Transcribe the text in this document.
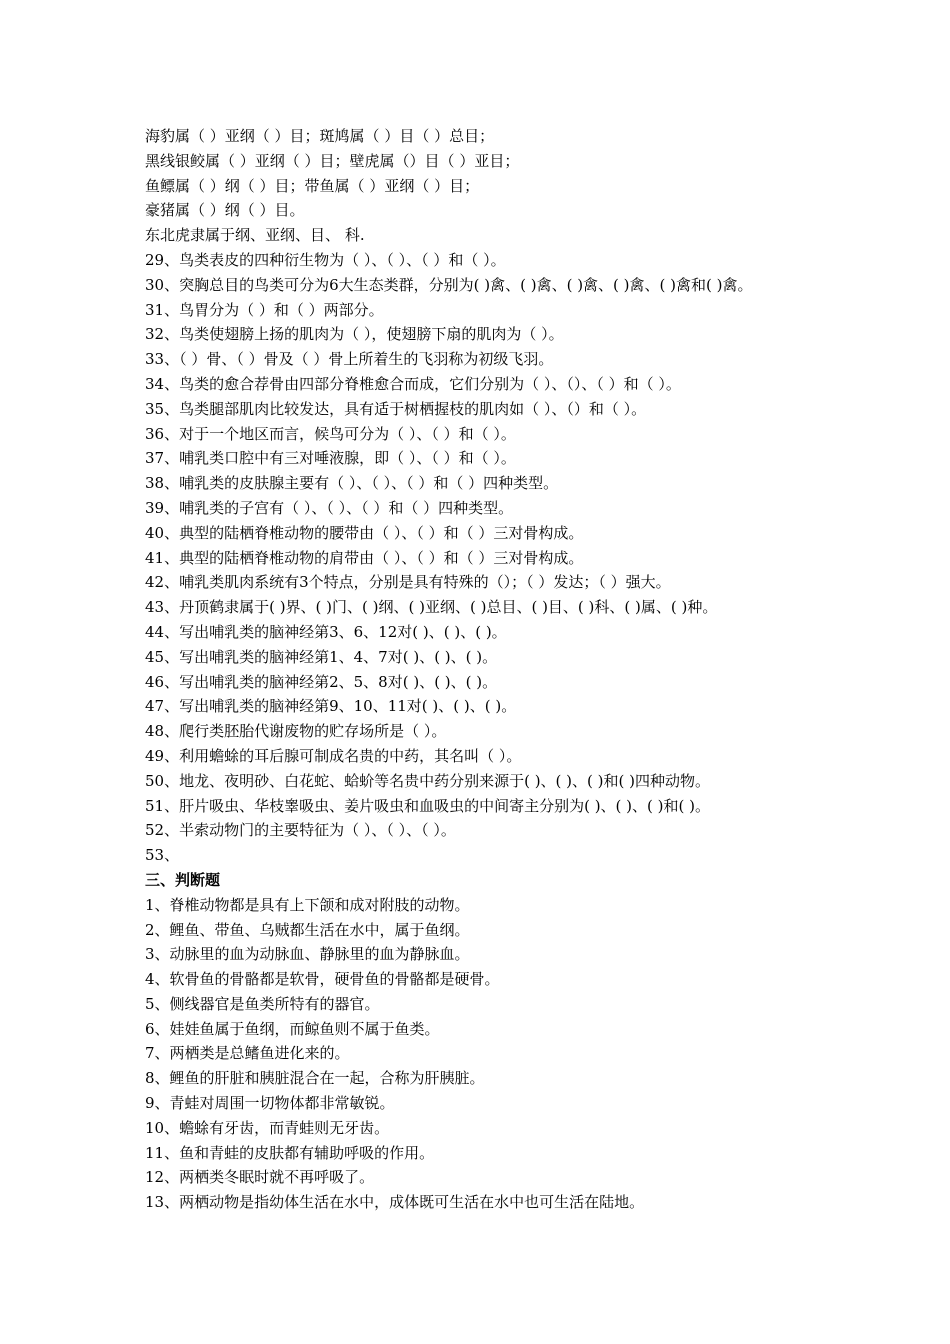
海豹属（ ）亚纲（ ）目；斑鸠属（ ）目（ ）总目；
黑线银鲛属（ ）亚纲（ ）目；壁虎属（）目（ ）亚目；
鱼鳔属（ ）纲（ ）目；带鱼属（ ）亚纲（ ）目；
豪猪属（ ）纲（ ）目。
东北虎隶属于纲、亚纲、目、 科.
29、鸟类表皮的四种衍生物为（ ）、（ ）、（ ）和（ ）。
30、突胸总目的鸟类可分为6大生态类群，分别为( )禽、( )禽、( )禽、( )禽、( )禽和( )禽。
31、鸟胃分为（ ）和（ ）两部分。
32、鸟类使翅膀上扬的肌肉为（ ），使翅膀下扇的肌肉为（ ）。
33、（ ）骨、（ ）骨及（ ）骨上所着生的飞羽称为初级飞羽。
34、鸟类的愈合荐骨由四部分脊椎愈合而成，它们分别为（ ）、（）、（ ）和（ ）。
35、鸟类腿部肌肉比较发达，具有适于树栖握枝的肌肉如（ ）、（）和（ ）。
36、对于一个地区而言，候鸟可分为（ ）、（ ）和（ ）。
37、哺乳类口腔中有三对唾液腺，即（ ）、（ ）和（ ）。
38、哺乳类的皮肤腺主要有（ ）、（ ）、（ ）和（ ）四种类型。
39、哺乳类的子宫有（ ）、（ ）、（ ）和（ ）四种类型。
40、典型的陆栖脊椎动物的腰带由（ ）、（ ）和（ ）三对骨构成。
41、典型的陆栖脊椎动物的肩带由（ ）、（ ）和（ ）三对骨构成。
42、哺乳类肌肉系统有3个特点，分别是具有特殊的（）；（ ）发达；（ ）强大。
43、丹顶鹤隶属于( )界、( )门、( )纲、( )亚纲、( )总目、( )目、( )科、( )属、( )种。
44、写出哺乳类的脑神经第3、6、12对( )、( )、( )。
45、写出哺乳类的脑神经第1、4、7对( )、( )、( )。
46、写出哺乳类的脑神经第2、5、8对( )、( )、( )。
47、写出哺乳类的脑神经第9、10、11对( )、( )、( )。
48、爬行类胚胎代谢废物的贮存场所是（ ）。
49、利用蟾蜍的耳后腺可制成名贵的中药，其名叫（ ）。
50、地龙、夜明砂、白花蛇、蛤蚧等名贵中药分别来源于( )、( )、( )和( )四种动物。
51、肝片吸虫、华枝睾吸虫、姜片吸虫和血吸虫的中间寄主分别为( )、( )、( )和( )。
52、半索动物门的主要特征为（ ）、（ ）、（ ）。
53、
三、判断题
1、脊椎动物都是具有上下颌和成对附肢的动物。
2、鲤鱼、带鱼、乌贼都生活在水中，属于鱼纲。
3、动脉里的血为动脉血、静脉里的血为静脉血。
4、软骨鱼的骨骼都是软骨，硬骨鱼的骨骼都是硬骨。
5、侧线器官是鱼类所特有的器官。
6、娃娃鱼属于鱼纲，而鲸鱼则不属于鱼类。
7、两栖类是总鳍鱼进化来的。
8、鲤鱼的肝脏和胰脏混合在一起，合称为肝胰脏。
9、青蛙对周围一切物体都非常敏锐。
10、蟾蜍有牙齿，而青蛙则无牙齿。
11、鱼和青蛙的皮肤都有辅助呼吸的作用。
12、两栖类冬眠时就不再呼吸了。
13、两栖动物是指幼体生活在水中，成体既可生活在水中也可生活在陆地。
